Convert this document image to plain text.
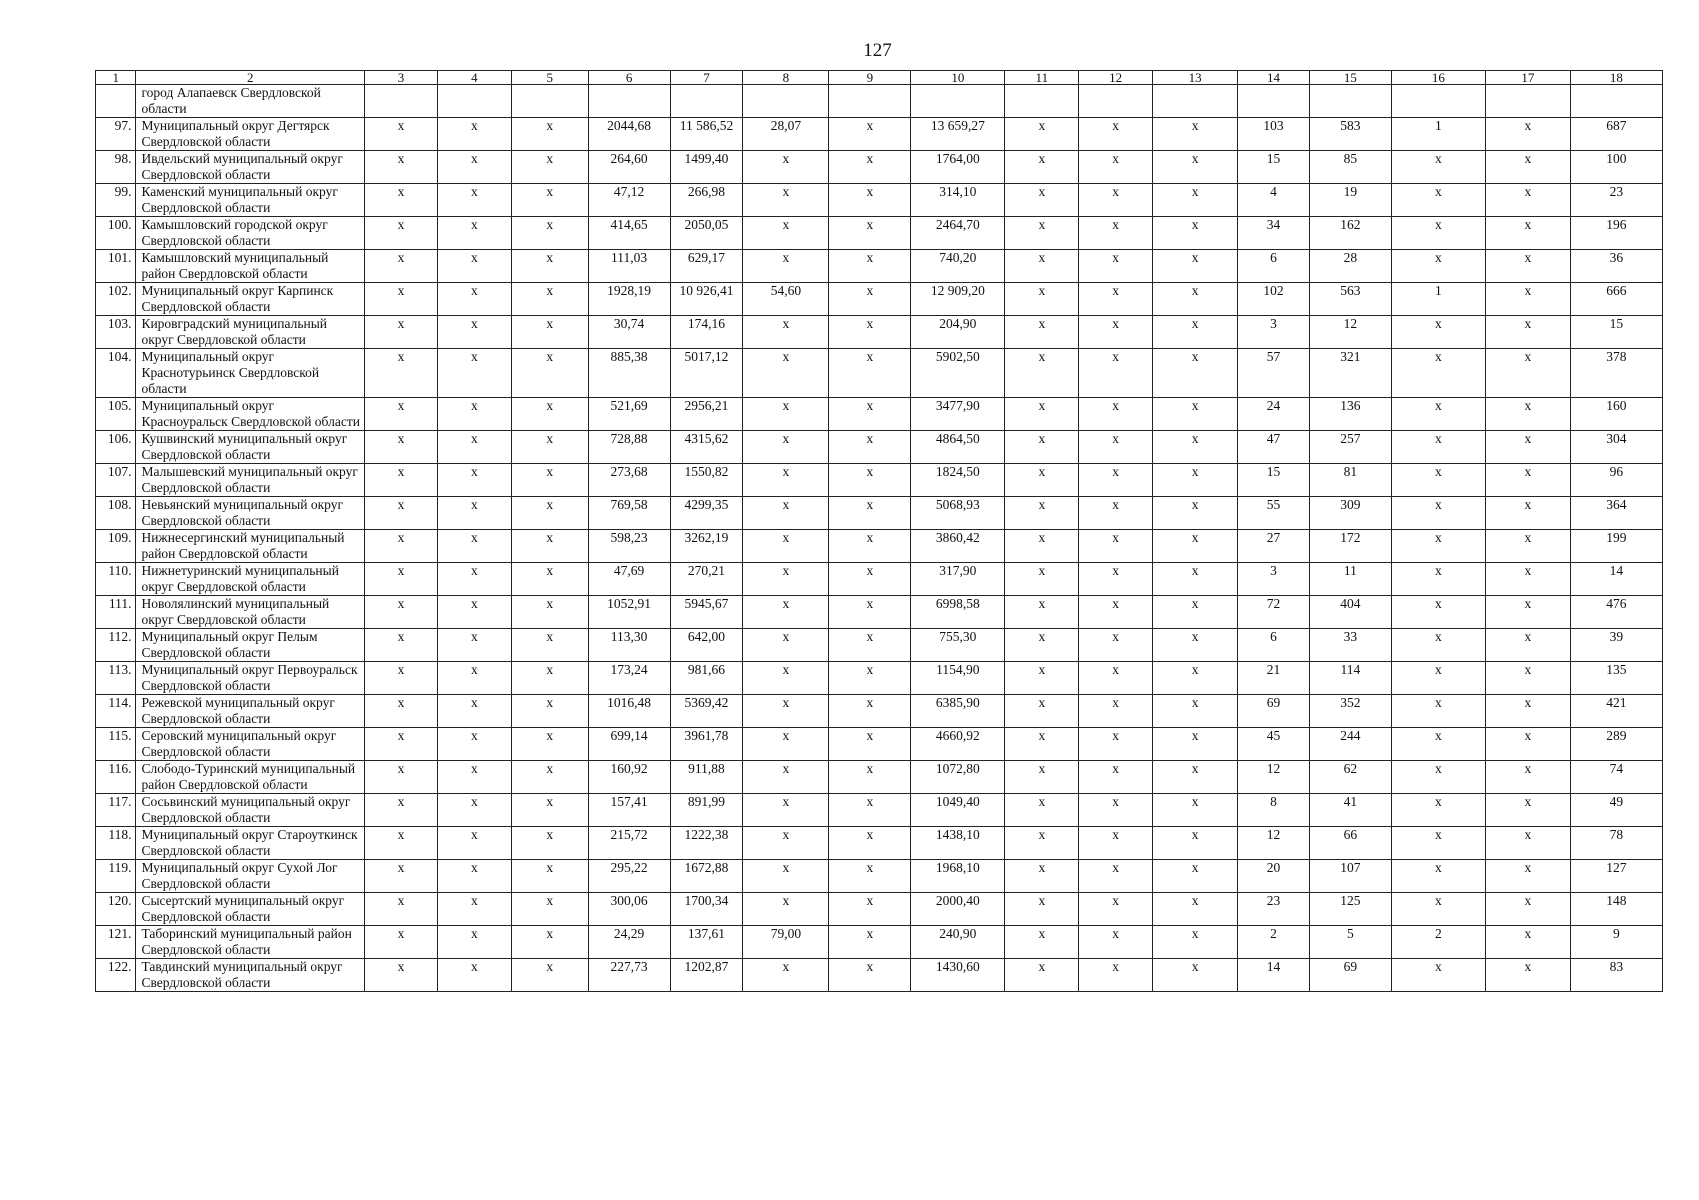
127
1	2	3	4	5	6	7	8	9	10	11	12	13	14	15	16	17	18
	город Алапаевск Свердловской области																
97.	Муниципальный округ Дегтярск Свердловской области	х	х	х	2044,68	11 586,52	28,07	х	13 659,27	х	х	х	103	583	1	х	687
98.	Ивдельский муниципальный округ Свердловской области	х	х	х	264,60	1499,40	х	х	1764,00	х	х	х	15	85	х	х	100
99.	Каменский муниципальный округ Свердловской области	х	х	х	47,12	266,98	х	х	314,10	х	х	х	4	19	х	х	23
100.	Камышловский городской округ Свердловской области	х	х	х	414,65	2050,05	х	х	2464,70	х	х	х	34	162	х	х	196
101.	Камышловский муниципальный район Свердловской области	х	х	х	111,03	629,17	х	х	740,20	х	х	х	6	28	х	х	36
102.	Муниципальный округ Карпинск Свердловской области	х	х	х	1928,19	10 926,41	54,60	х	12 909,20	х	х	х	102	563	1	х	666
103.	Кировградский муниципальный округ Свердловской области	х	х	х	30,74	174,16	х	х	204,90	х	х	х	3	12	х	х	15
104.	Муниципальный округ Краснотурьинск Свердловской области	х	х	х	885,38	5017,12	х	х	5902,50	х	х	х	57	321	х	х	378
105.	Муниципальный округ Красноуральск Свердловской области	х	х	х	521,69	2956,21	х	х	3477,90	х	х	х	24	136	х	х	160
106.	Кушвинский муниципальный округ Свердловской области	х	х	х	728,88	4315,62	х	х	4864,50	х	х	х	47	257	х	х	304
107.	Малышевский муниципальный округ Свердловской области	х	х	х	273,68	1550,82	х	х	1824,50	х	х	х	15	81	х	х	96
108.	Невьянский муниципальный округ Свердловской области	х	х	х	769,58	4299,35	х	х	5068,93	х	х	х	55	309	х	х	364
109.	Нижнесергинский муниципальный район Свердловской области	х	х	х	598,23	3262,19	х	х	3860,42	х	х	х	27	172	х	х	199
110.	Нижнетуринский муниципальный округ Свердловской области	х	х	х	47,69	270,21	х	х	317,90	х	х	х	3	11	х	х	14
111.	Новолялинский муниципальный округ Свердловской области	х	х	х	1052,91	5945,67	х	х	6998,58	х	х	х	72	404	х	х	476
112.	Муниципальный округ Пелым Свердловской области	х	х	х	113,30	642,00	х	х	755,30	х	х	х	6	33	х	х	39
113.	Муниципальный округ Первоуральск Свердловской области	х	х	х	173,24	981,66	х	х	1154,90	х	х	х	21	114	х	х	135
114.	Режевской муниципальный округ Свердловской области	х	х	х	1016,48	5369,42	х	х	6385,90	х	х	х	69	352	х	х	421
115.	Серовский муниципальный округ Свердловской области	х	х	х	699,14	3961,78	х	х	4660,92	х	х	х	45	244	х	х	289
116.	Слободо-Туринский муниципальный район Свердловской области	х	х	х	160,92	911,88	х	х	1072,80	х	х	х	12	62	х	х	74
117.	Сосьвинский муниципальный округ Свердловской области	х	х	х	157,41	891,99	х	х	1049,40	х	х	х	8	41	х	х	49
118.	Муниципальный округ Староуткинск Свердловской области	х	х	х	215,72	1222,38	х	х	1438,10	х	х	х	12	66	х	х	78
119.	Муниципальный округ Сухой Лог Свердловской области	х	х	х	295,22	1672,88	х	х	1968,10	х	х	х	20	107	х	х	127
120.	Сысертский муниципальный округ Свердловской области	х	х	х	300,06	1700,34	х	х	2000,40	х	х	х	23	125	х	х	148
121.	Таборинский муниципальный район Свердловской области	х	х	х	24,29	137,61	79,00	х	240,90	х	х	х	2	5	2	х	9
122.	Тавдинский муниципальный округ Свердловской области	х	х	х	227,73	1202,87	х	х	1430,60	х	х	х	14	69	х	х	83
